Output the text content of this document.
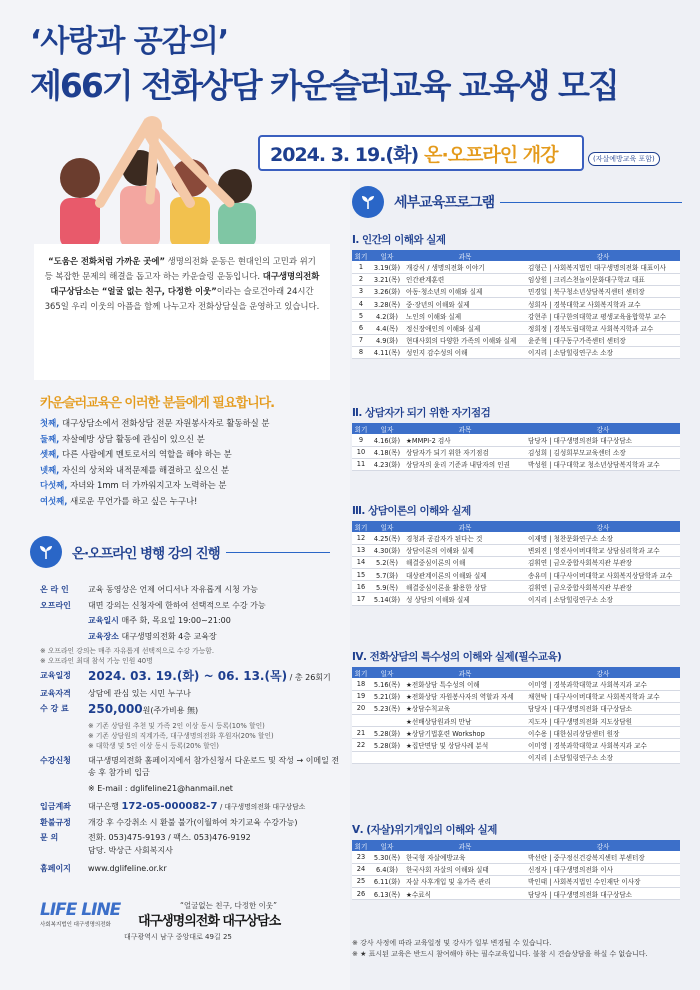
‘사랑과 공감의’
제66기 전화상담 카운슬러교육 교육생 모집
2024. 3. 19.(화) 온·오프라인 개강	(자살예방교육 포함)
“도움은 전화처럼 가까운 곳에” 생명의전화 운동은 현대인의 고민과 위기 등 복잡한 문제의 해결을 돕고자 하는 카운슬링 운동입니다. 대구생명의전화 대구상담소는 “얼굴 없는 친구, 다정한 이웃”이라는 슬로건아래 24시간 365일 우리 이웃의 아픔을 함께 나누고자 전화상담실을 운영하고 있습니다.
카운슬러교육은 이러한 분들에게 필요합니다.
첫째, 대구상담소에서 전화상담 전문 자원봉사자로 활동하실 분
둘째, 자살예방 상담 활동에 관심이 있으신 분
셋째, 다른 사람에게 멘토로서의 역할을 해야 하는 분
넷째, 자신의 상처와 내적문제를 해결하고 싶으신 분
다섯째, 자녀와 1mm 더 가까워지고자 노력하는 분
여섯째, 새로운 무언가를 하고 싶은 누구나!
온·오프라인 병행 강의 진행
온 라 인	교육 동영상은 언제 어디서나 자유롭게 시청 가능
오프라인	대면 강의는 신청자에 한하여 선택적으로 수강 가능
교육일시 매주 화, 목요일 19:00~21:00
교육장소 대구생명의전화 4층 교육장
※ 오프라인 강의는 매주 자유롭게 선택적으로 수강 가능함.
※ 오프라인 최대 참석 가능 인원 40명
교육일정	2024. 03. 19.(화) ~ 06. 13.(목) / 총 26회기
교육자격	상담에 관심 있는 시민 누구나
수 강 료	250,000원(주가비용 無)
※ 기존 상담원 추천 및 가족 2인 이상 동시 등록(10% 할인)
※ 기존 상담원의 직계가족, 대구생명의전화 후원자(20% 할인)
※ 대학생 및 5인 이상 동시 등록(20% 할인)
수강신청	대구생명의전화 홈페이지에서 참가신청서 다운로드 및 작성 → 이메일 전송 후 참가비 입금
※ E-mail : dglifeline21@hanmail.net
입금계좌	대구은행 172-05-000082-7 / 대구생명의전화 대구상담소
환불규정	개강 후 수강취소 시 환불 불가(이월하여 차기교육 수강가능)
문 의	전화. 053)475-9193 / 팩스. 053)476-9192
담당. 박상근 사회복지사
홈페이지	www.dglifeline.or.kr
LIFE LINE
사회복지법인 대구생명의전화
“얼굴없는 친구, 다정한 이웃”
대구생명의전화 대구상담소
대구광역시 남구 중앙대로 49길 25
세부교육프로그램
Ⅰ. 인간의 이해와 실제
회기	일자	과목	강사
1	3.19(화)	개강식 / 생명의전화 이야기	김형근 | 사회복지법인 대구생명의전화 대표이사
2	3.21(목)	인간관계훈련	임상원 | 크리스천놀이문화대구학교 대표
3	3.26(화)	아동·청소년의 이해와 실제	민경일 | 북구청소년상담복지센터 센터장
4	3.28(목)	중·장년의 이해와 실제	성희자 | 경북대학교 사회복지학과 교수
5	4.2(화)	노인의 이해와 실제	강현주 | 대구한의대학교 평생교육융합학부 교수
6	4.4(목)	정신장애인의 이해와 실제	정희정 | 경북도립대학교 사회복지학과 교수
7	4.9(화)	현대사회의 다양한 가족의 이해와 실제	윤준혁 | 대구동구가족센터 센터장
8	4.11(목)	성인지 감수성의 이해	이지리 | 소담힐링연구소 소장
Ⅱ. 상담자가 되기 위한 자기점검
회기	일자	과목	강사
9	4.16(화)	★MMPI-2 검사	담당자 | 대구생명의전화 대구상담소
10	4.18(목)	상담자가 되기 위한 자기점검	김성희 | 김성희부모교육센터 소장
11	4.23(화)	상담자의 윤리 기준과 내담자의 인권	박성원 | 대구대학교 청소년상담복지학과 교수
Ⅲ. 상담이론의 이해와 실제
회기	일자	과목	강사
12	4.25(목)	경청과 공감자가 된다는 것	이재명 | 청찬문화연구소 소장
13	4.30(화)	상담이론의 이해와 실제	변외진 | 영진사이버대학교 상담심리학과 교수
14	5.2(목)	해결중심이론의 이해	김휘연 | 금오중합사회복지관 부관장
15	5.7(화)	대상관계이론의 이해와 실제	송유미 | 대구사이버대학교 사회복지상담학과 교수
16	5.9(목)	해결중심이론을 활용한 상담	김휘연 | 금오중합사회복지관 부관장
17	5.14(화)	성 상담의 이해와 실제	이지리 | 소담힐링연구소 소장
Ⅳ. 전화상담의 특수성의 이해와 실제(필수교육)
회기	일자	과목	강사
18	5.16(목)	★전화상담 특수성의 이해	이미영 | 경북과학대학교 사회복지과 교수
19	5.21(화)	★전화상담 자원봉사자의 역할과 자세	채현탁 | 대구사이버대학교 사회복지학과 교수
20	5.23(목)	★상담수칙교육	담당자 | 대구생명의전화 대구상담소
		★선배상담원과의 만남	지도자 | 대구생명의전화 지도상담원
21	5.28(화)	★상담기법훈련 Workshop	이수용 | 대한심리상담센터 원장
22	5.28(화)	★집단면담 및 상담사례 분석	이미영 | 경북과학대학교 사회복지과 교수
			이지리 | 소담힐링연구소 소장
Ⅴ. (자살)위기개입의 이해와 실제
회기	일자	과목	강사
23	5.30(목)	한국형 자살예방교육	박선란 | 중구정신건강복지센터 부센터장
24	6.4(화)	한국사회 자살의 이해와 실태	신정자 | 대구생명의전화 이사
25	6.11(화)	자살 사후개입 및 유가족 관리	박인태 | 사회복지법인 수인재단 이사장
26	6.13(목)	★수료식	담당자 | 대구생명의전화 대구상담소
※ 강사 사정에 따라 교육일정 및 강사가 일부 변경될 수 있습니다.
※ ★ 표시된 교육은 반드시 참여해야 하는 필수교육입니다. 불참 시 견습상담을 하실 수 없습니다.
